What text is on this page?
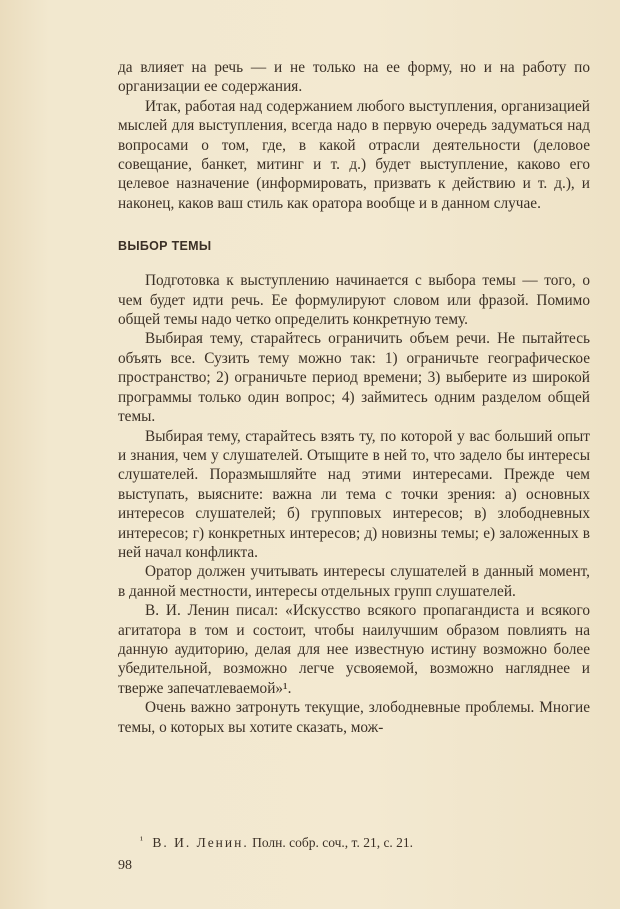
да влияет на речь — и не только на ее форму, но и на работу по организации ее содержания.

Итак, работая над содержанием любого выступления, организацией мыслей для выступления, всегда надо в первую очередь задуматься над вопросами о том, где, в какой отрасли деятельности (деловое совещание, банкет, митинг и т. д.) будет выступление, каково его целевое назначение (информировать, призвать к действию и т. д.), и наконец, каков ваш стиль как оратора вообще и в данном случае.

ВЫБОР ТЕМЫ

Подготовка к выступлению начинается с выбора темы — того, о чем будет идти речь. Ее формулируют словом или фразой. Помимо общей темы надо четко определить конкретную тему.

Выбирая тему, старайтесь ограничить объем речи. Не пытайтесь объять все. Сузить тему можно так: 1) ограничьте географическое пространство; 2) ограничьте период времени; 3) выберите из широкой программы только один вопрос; 4) займитесь одним разделом общей темы.

Выбирая тему, старайтесь взять ту, по которой у вас больший опыт и знания, чем у слушателей. Отыщите в ней то, что задело бы интересы слушателей. Поразмышляйте над этими интересами. Прежде чем выступать, выясните: важна ли тема с точки зрения: а) основных интересов слушателей; б) групповых интересов; в) злободневных интересов; г) конкретных интересов; д) новизны темы; е) заложенных в ней начал конфликта.

Оратор должен учитывать интересы слушателей в данный момент, в данной местности, интересы отдельных групп слушателей.

В. И. Ленин писал: «Искусство всякого пропагандиста и всякого агитатора в том и состоит, чтобы наилучшим образом повлиять на данную аудиторию, делая для нее известную истину возможно более убедительной, возможно легче усвояемой, возможно нагляднее и тверже запечатлеваемой»¹.

Очень важно затронуть текущие, злободневные проблемы. Многие темы, о которых вы хотите сказать, мож-

$^{^1}$ В. И. Ленин. Полн. собр. соч., т. 21, с. 21.
98
